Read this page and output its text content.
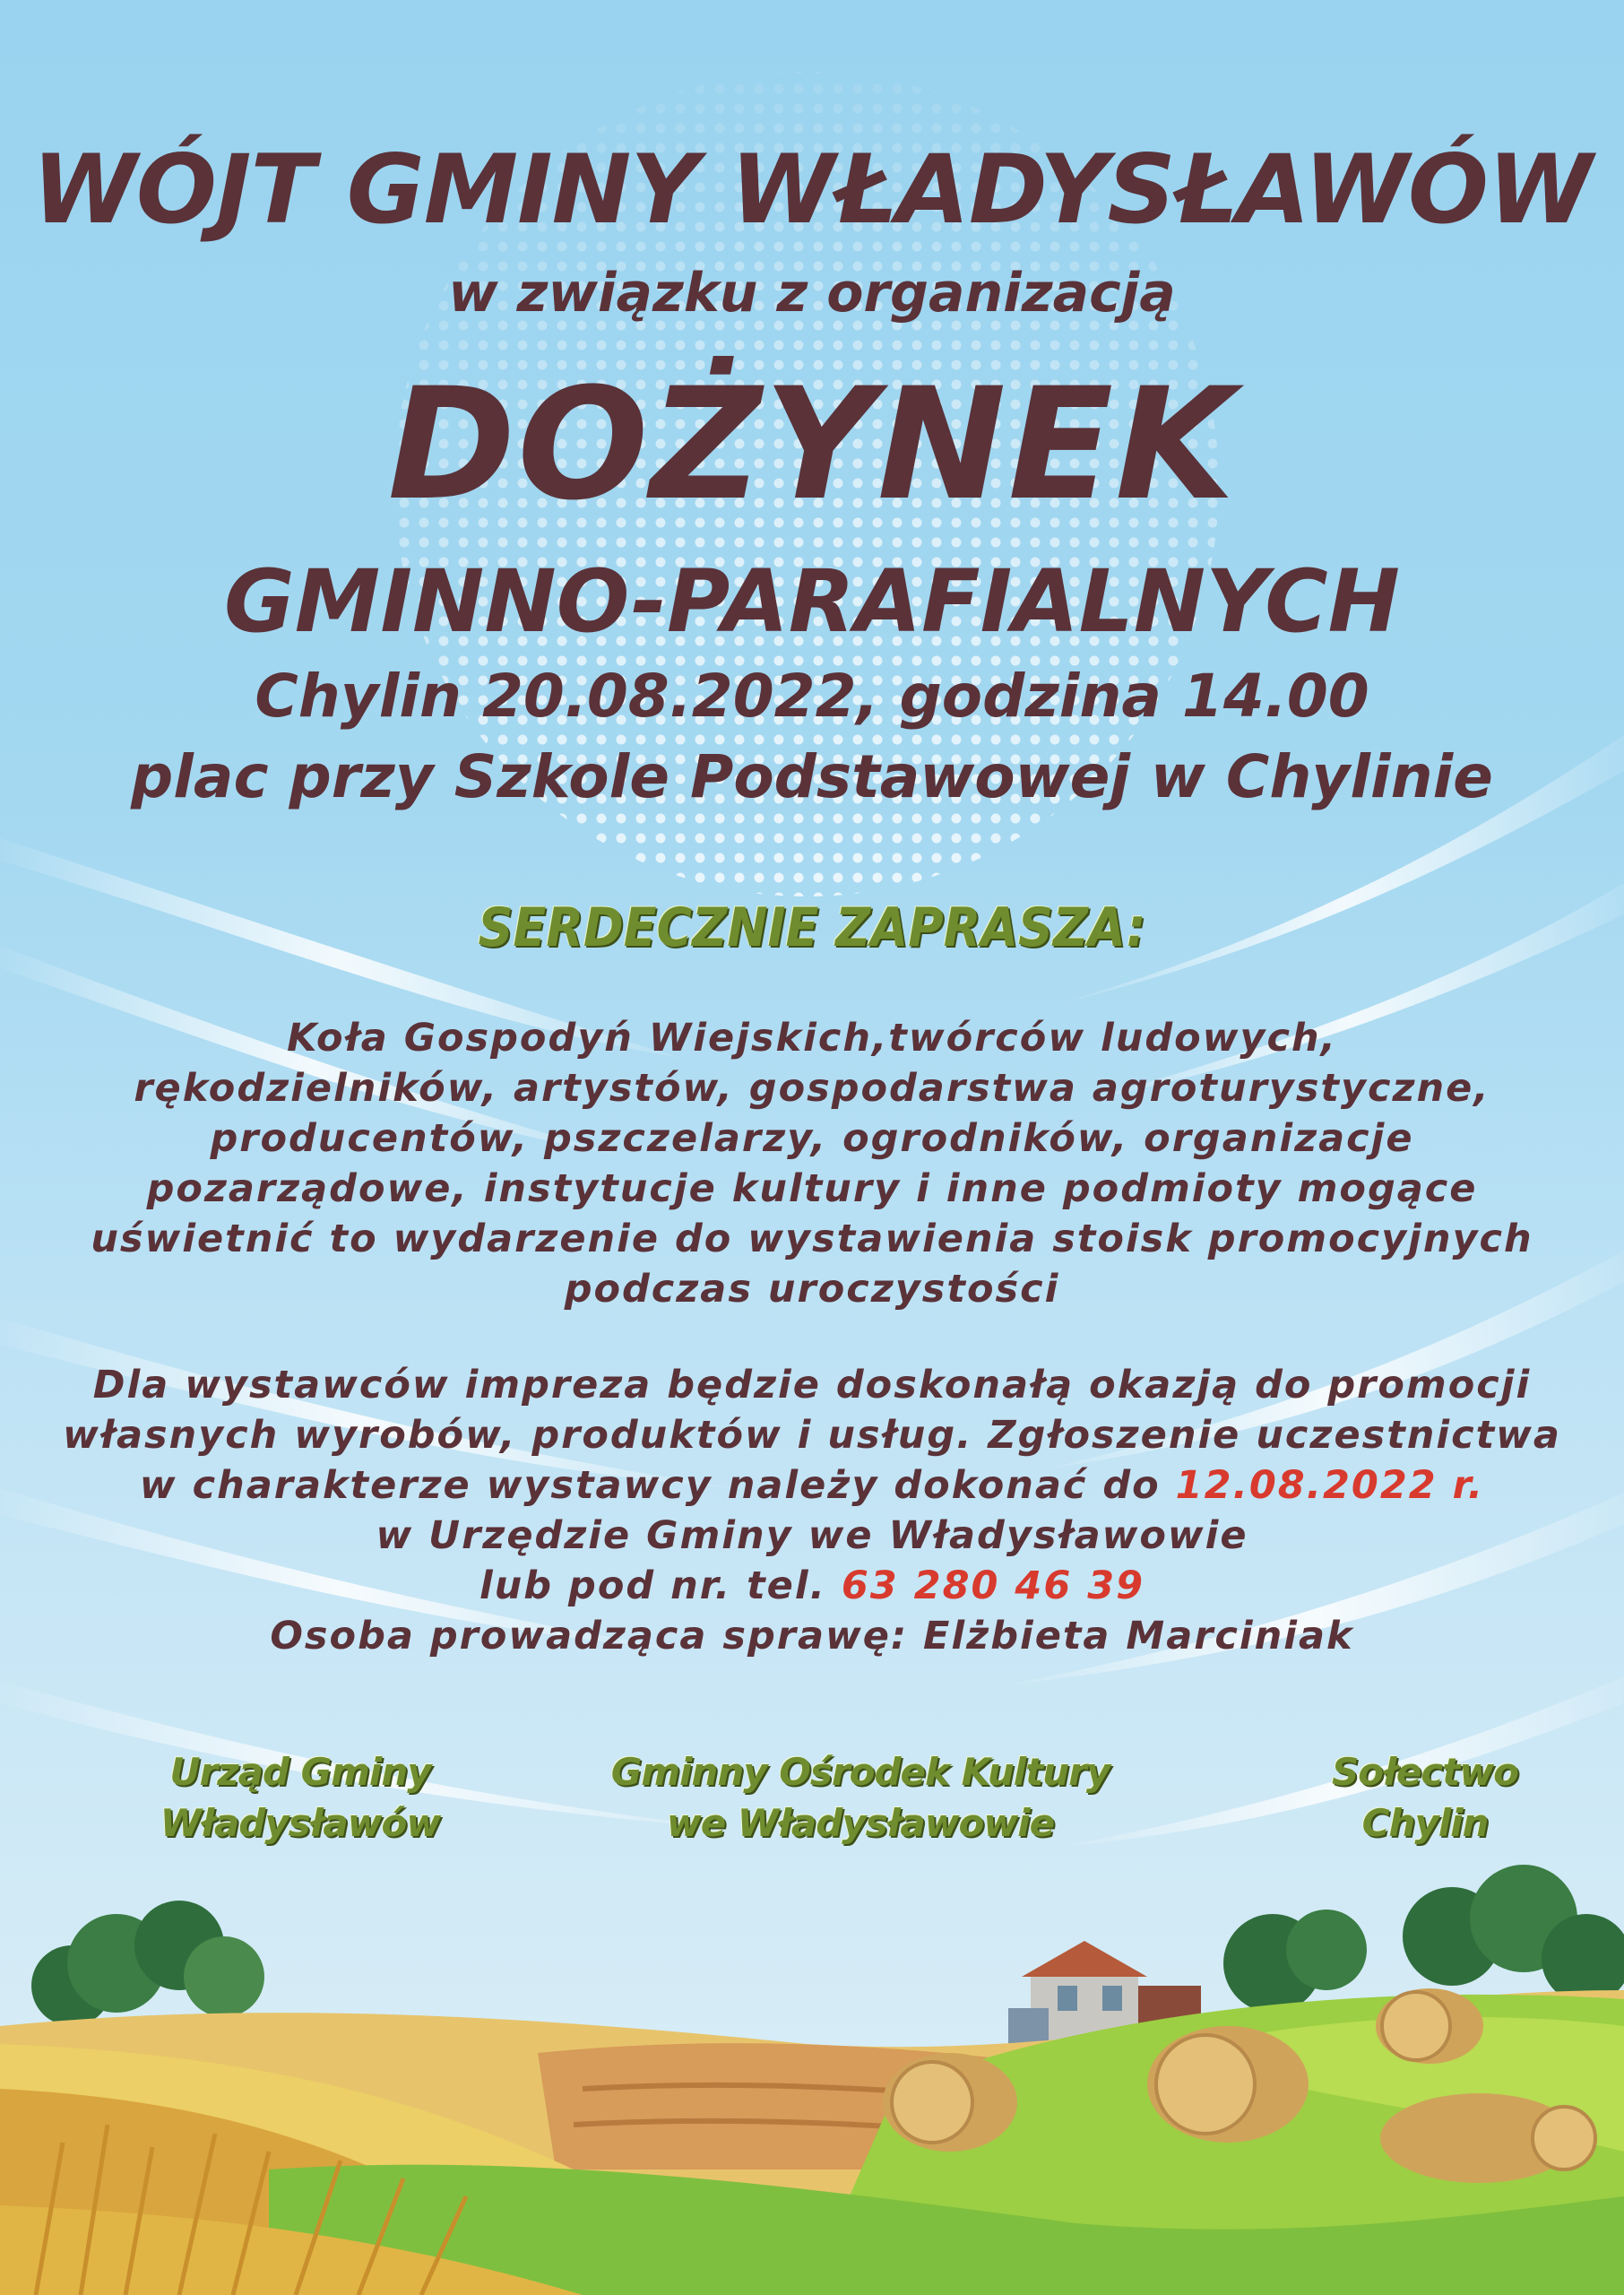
WÓJT GMINY WŁADYSŁAWÓW
w związku z organizacją
DOŻYNEK
GMINNO-PARAFIALNYCH
Chylin 20.08.2022, godzina 14.00
plac przy Szkole Podstawowej w Chylinie
SERDECZNIE ZAPRASZA:
Koła Gospodyń Wiejskich,twórców ludowych,
rękodzielników, artystów, gospodarstwa agroturystyczne,
producentów, pszczelarzy, ogrodników, organizacje
pozarządowe, instytucje kultury i inne podmioty mogące
uświetnić to wydarzenie do wystawienia stoisk promocyjnych
podczas uroczystości
Dla wystawców impreza będzie doskonałą okazją do promocji
własnych wyrobów, produktów i usług. Zgłoszenie uczestnictwa
w charakterze wystawcy należy dokonać do 12.08.2022 r.
w Urzędzie Gminy we Władysławowie
lub pod nr. tel. 63 280 46 39
Osoba prowadząca sprawę: Elżbieta Marciniak
Urząd Gminy
Władysławów
Gminny Ośrodek Kultury
we Władysławowie
Sołectwo
Chylin
